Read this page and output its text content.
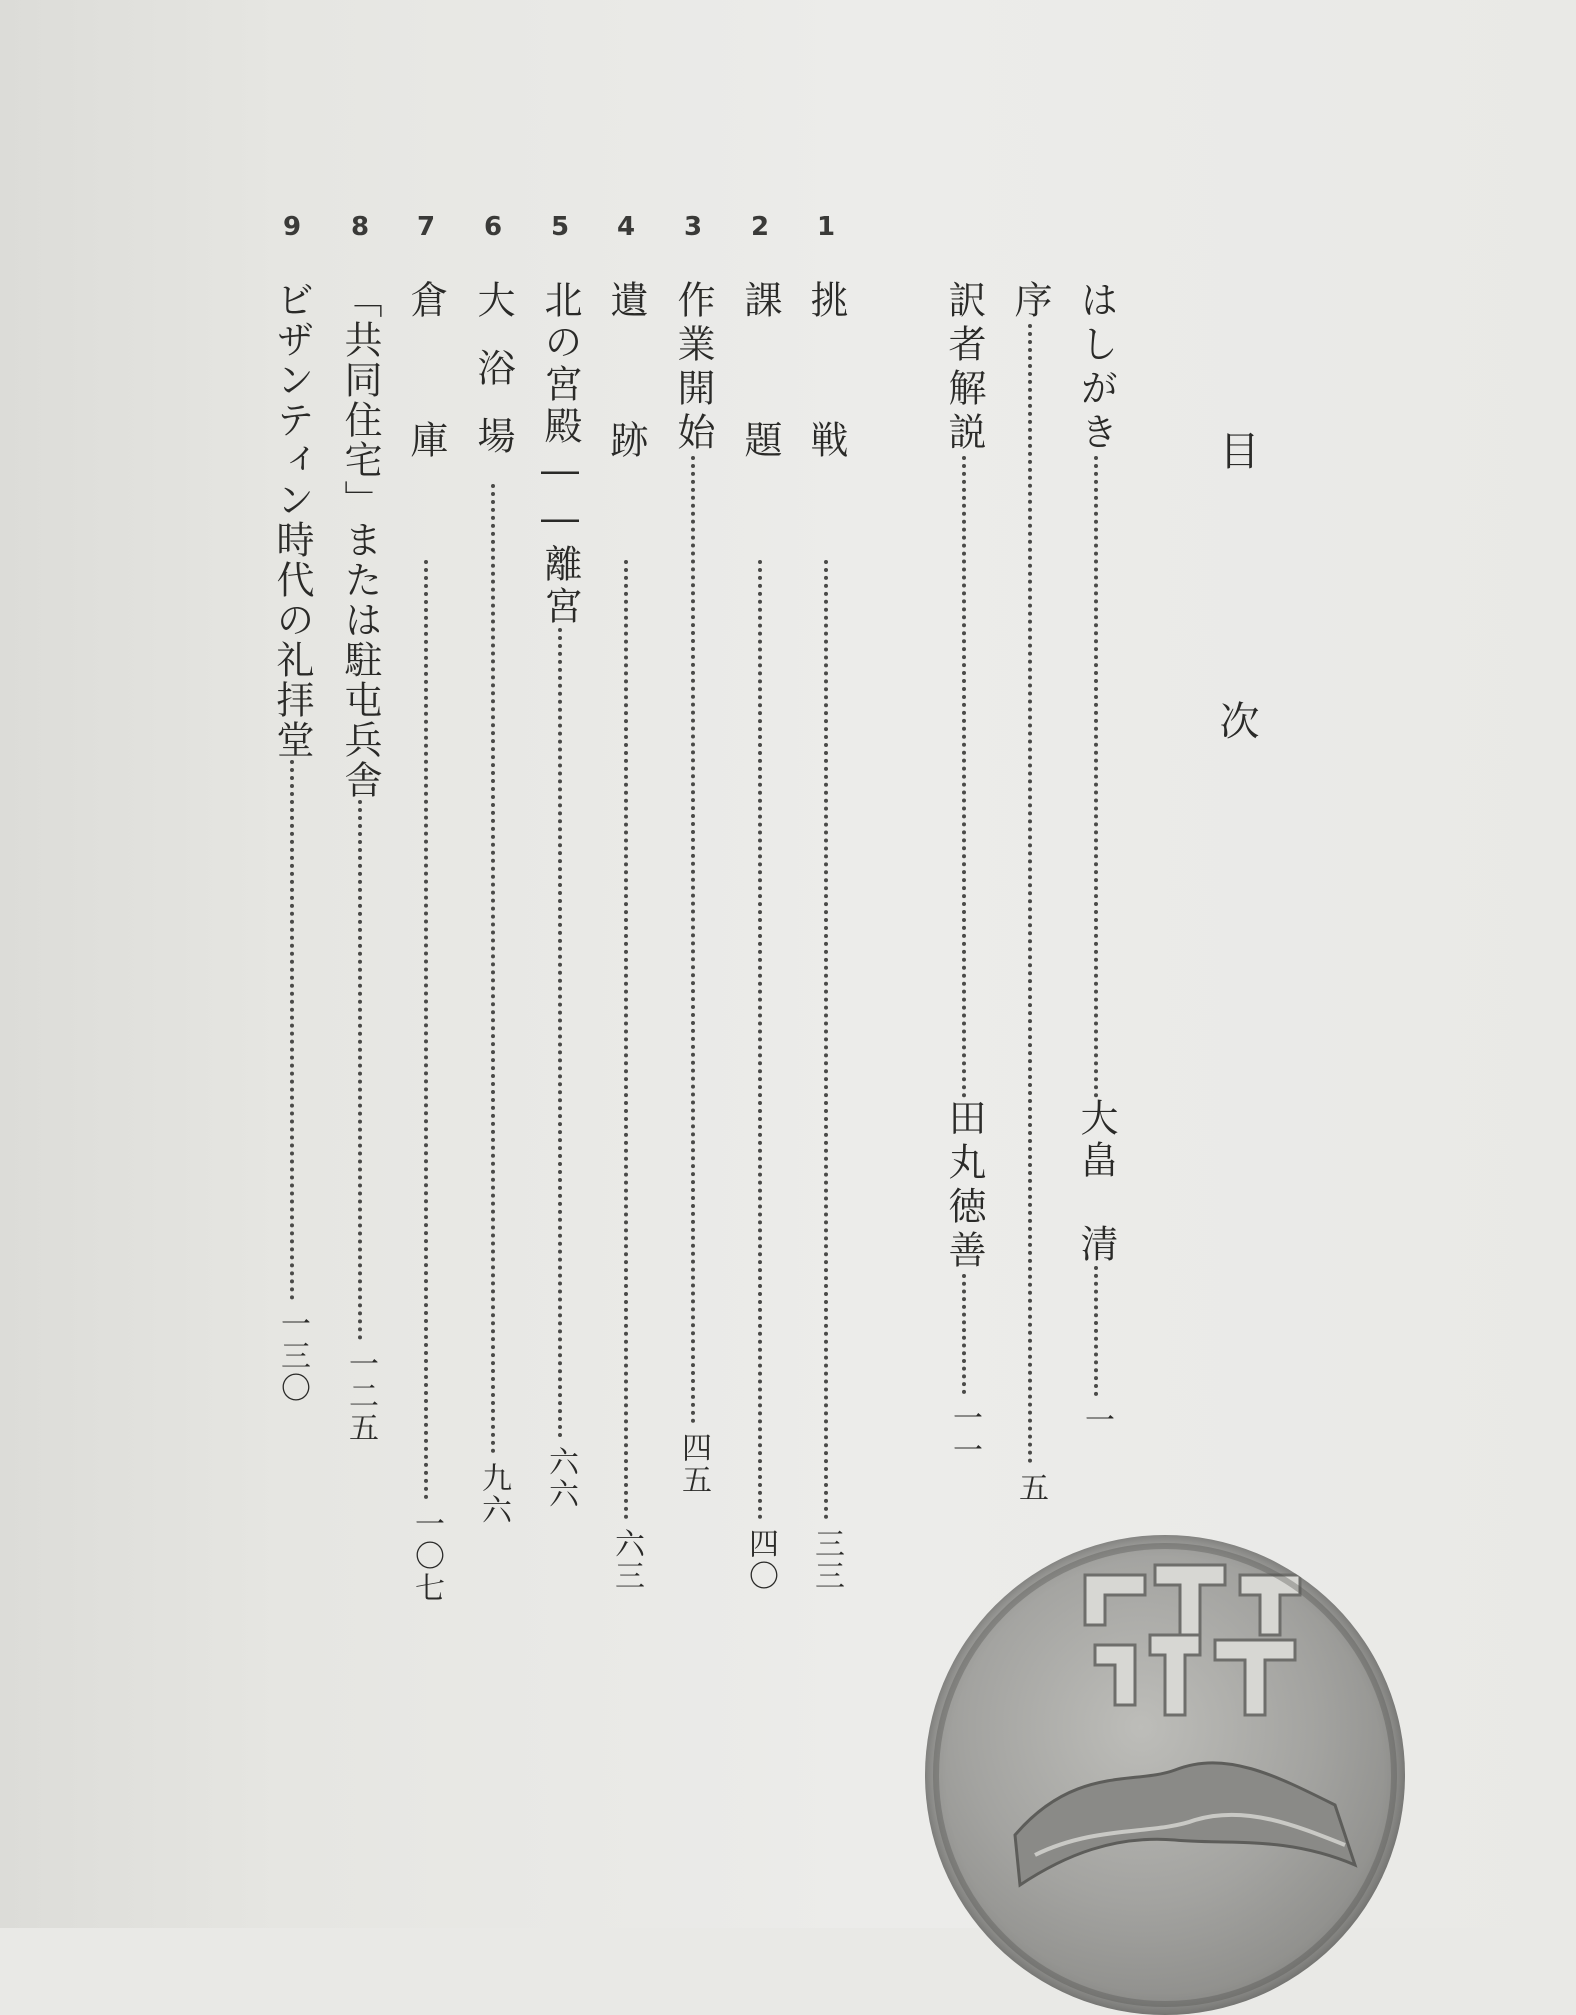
目次
はしがき
大畠　清
一
序
五
訳者解説
田丸徳善
一一
1
挑戦
三三
2
課題
四〇
3
作業開始
四五
4
遺跡
六三
5
北の宮殿――離宮
六六
6
大浴場
九六
7
倉庫
一〇七
8
「共同住宅」または駐屯兵舎
一二五
9
ビザンティン時代の礼拝堂
一三〇
